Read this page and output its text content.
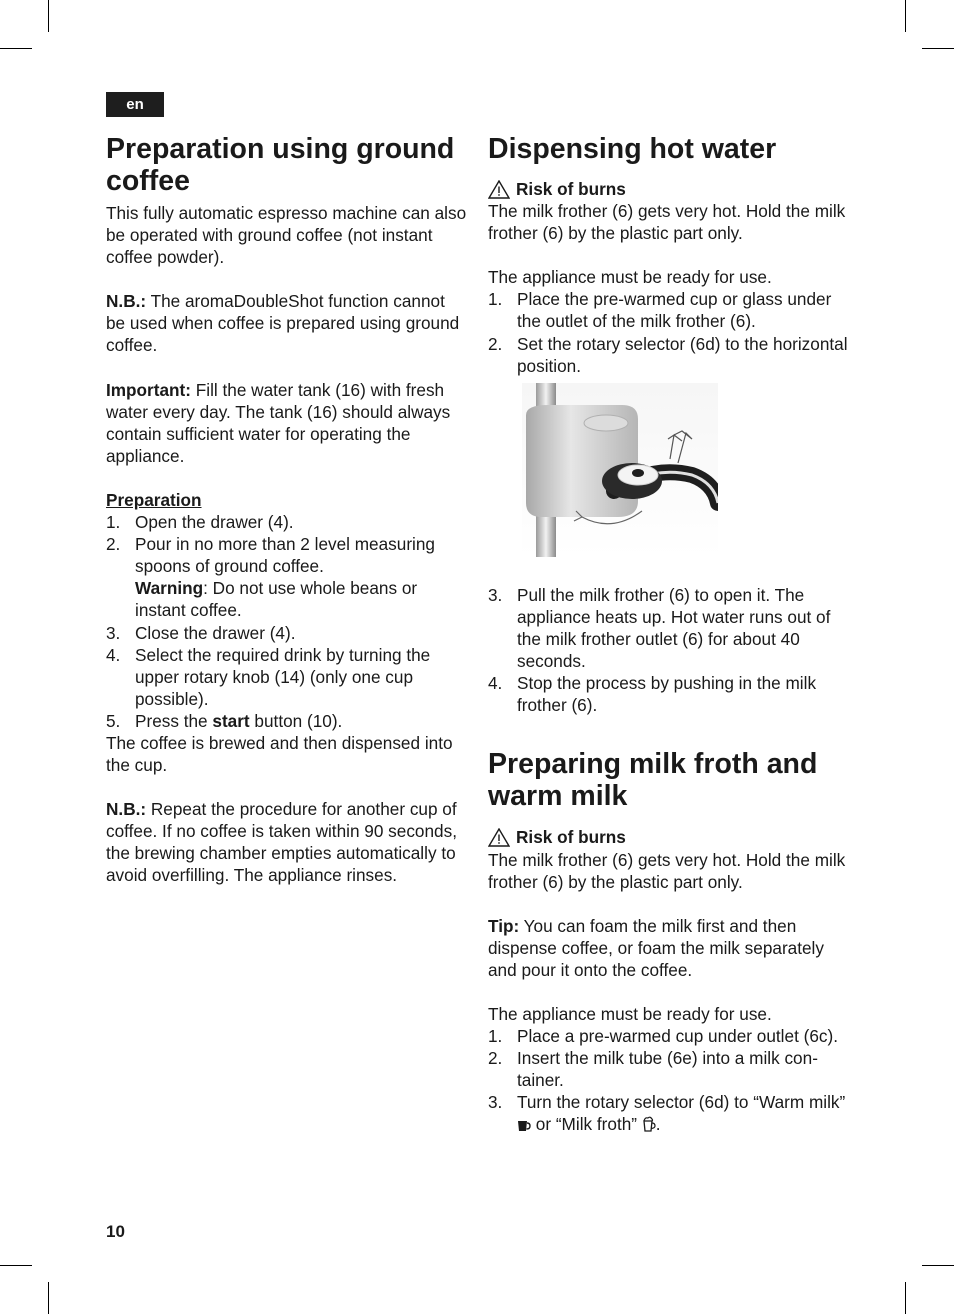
en
Preparation using ground coffee

This fully automatic espresso machine can also be operated with ground coffee (not instant coffee powder).

N.B.: The aromaDoubleShot function cannot be used when coffee is prepared using ground coffee.

Important: Fill the water tank (16) with fresh water every day. The tank (16) should always contain sufficient water for operating the appliance.

Preparation

1. Open the drawer (4).
2. Pour in no more than 2 level measuring spoons of ground coffee.
Warning: Do not use whole beans or instant coffee.
3. Close the drawer (4).
4. Select the required drink by turning the upper rotary knob (14) (only one cup possible).
5. Press the start button (10).

The coffee is brewed and then dispensed into the cup.

N.B.: Repeat the procedure for another cup of coffee. If no coffee is taken within 90 seconds, the brewing chamber empties automatically to avoid overfilling. The appliance rinses.

Dispensing hot water
Risk of burns

The milk frother (6) gets very hot. Hold the milk frother (6) by the plastic part only.

The appliance must be ready for use.

1. Place the pre-warmed cup or glass under the outlet of the milk frother (6).
2. Set the rotary selector (6d) to the horizontal position.
3. Pull the milk frother (6) to open it. The appliance heats up. Hot water runs out of the milk frother outlet (6) for about 40 seconds.
4. Stop the process by pushing in the milk frother (6).
Preparing milk froth and warm milk
Risk of burns

The milk frother (6) gets very hot. Hold the milk frother (6) by the plastic part only.

Tip: You can foam the milk first and then dispense coffee, or foam the milk separately and pour it onto the coffee.

The appliance must be ready for use.

1. Place a pre-warmed cup under outlet (6c).
2. Insert the milk tube (6e) into a milk container.
3. Turn the rotary selector (6d) to “Warm milk”  or “Milk froth” .
10
